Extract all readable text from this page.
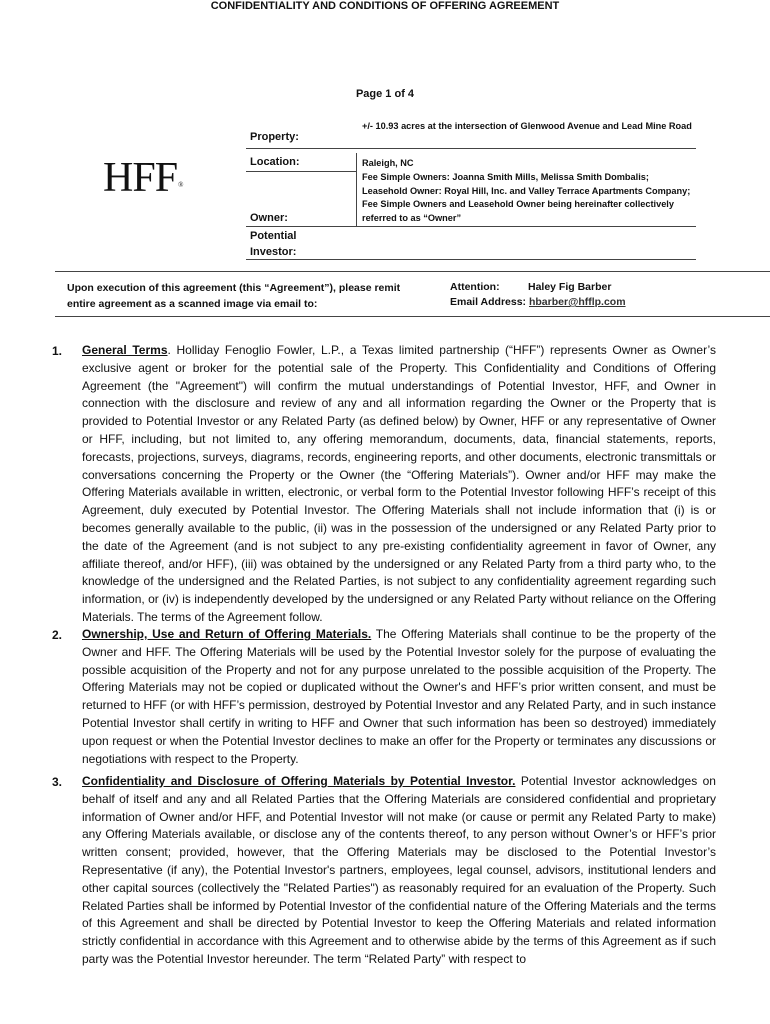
CONFIDENTIALITY AND CONDITIONS OF OFFERING AGREEMENT
Page 1 of 4
HFF®
Property:
+/- 10.93 acres at the intersection of Glenwood Avenue and Lead Mine Road
Location:	Raleigh, NC
Fee Simple Owners: Joanna Smith Mills, Melissa Smith Dombalis; Leasehold Owner: Royal Hill, Inc. and Valley Terrace Apartments Company; Fee Simple Owners and Leasehold Owner being hereinafter collectively referred to as “Owner”
Owner:
Potential Investor:
Upon execution of this agreement (this “Agreement”), please remit entire agreement as a scanned image via email to:
Attention:	Haley Fig Barber
Email Address: hbarber@hfflp.com
1. General Terms. Holliday Fenoglio Fowler, L.P., a Texas limited partnership (“HFF”) represents Owner as Owner’s exclusive agent or broker for the potential sale of the Property. This Confidentiality and Conditions of Offering Agreement (the "Agreement") will confirm the mutual understandings of Potential Investor, HFF, and Owner in connection with the disclosure and review of any and all information regarding the Owner or the Property that is provided to Potential Investor or any Related Party (as defined below) by Owner, HFF or any representative of Owner or HFF, including, but not limited to, any offering memorandum, documents, data, financial statements, reports, forecasts, projections, surveys, diagrams, records, engineering reports, and other documents, electronic transmittals or conversations concerning the Property or the Owner (the “Offering Materials”). Owner and/or HFF may make the Offering Materials available in written, electronic, or verbal form to the Potential Investor following HFF’s receipt of this Agreement, duly executed by Potential Investor. The Offering Materials shall not include information that (i) is or becomes generally available to the public, (ii) was in the possession of the undersigned or any Related Party prior to the date of the Agreement (and is not subject to any pre-existing confidentiality agreement in favor of Owner, any affiliate thereof, and/or HFF), (iii) was obtained by the undersigned or any Related Party from a third party who, to the knowledge of the undersigned and the Related Parties, is not subject to any confidentiality agreement regarding such information, or (iv) is independently developed by the undersigned or any Related Party without reliance on the Offering Materials. The terms of the Agreement follow.
2. Ownership, Use and Return of Offering Materials. The Offering Materials shall continue to be the property of the Owner and HFF. The Offering Materials will be used by the Potential Investor solely for the purpose of evaluating the possible acquisition of the Property and not for any purpose unrelated to the possible acquisition of the Property. The Offering Materials may not be copied or duplicated without the Owner's and HFF’s prior written consent, and must be returned to HFF (or with HFF’s permission, destroyed by Potential Investor and any Related Party, and in such instance Potential Investor shall certify in writing to HFF and Owner that such information has been so destroyed) immediately upon request or when the Potential Investor declines to make an offer for the Property or terminates any discussions or negotiations with respect to the Property.
3. Confidentiality and Disclosure of Offering Materials by Potential Investor. Potential Investor acknowledges on behalf of itself and any and all Related Parties that the Offering Materials are considered confidential and proprietary information of Owner and/or HFF, and Potential Investor will not make (or cause or permit any Related Party to make) any Offering Materials available, or disclose any of the contents thereof, to any person without Owner’s or HFF’s prior written consent; provided, however, that the Offering Materials may be disclosed to the Potential Investor’s Representative (if any), the Potential Investor's partners, employees, legal counsel, advisors, institutional lenders and other capital sources (collectively the "Related Parties") as reasonably required for an evaluation of the Property. Such Related Parties shall be informed by Potential Investor of the confidential nature of the Offering Materials and the terms of this Agreement and shall be directed by Potential Investor to keep the Offering Materials and related information strictly confidential in accordance with this Agreement and to otherwise abide by the terms of this Agreement as if such party was the Potential Investor hereunder. The term “Related Party” with respect to
